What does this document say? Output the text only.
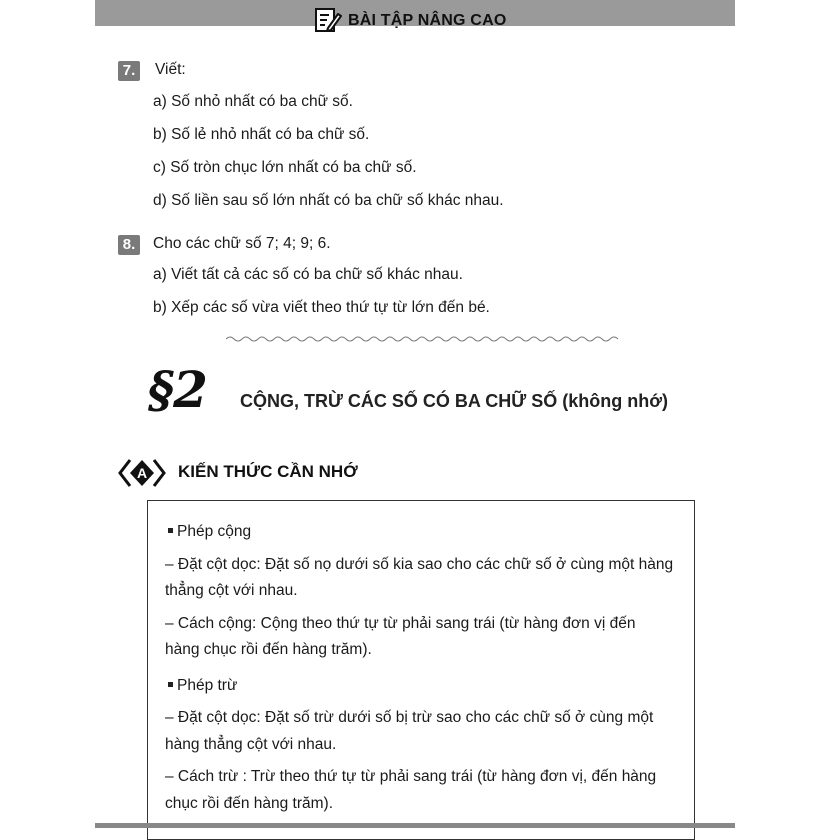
BÀI TẬP NÂNG CAO
7.	Viết:
a) Số nhỏ nhất có ba chữ số.
b) Số lẻ nhỏ nhất có ba chữ số.
c) Số tròn chục lớn nhất có ba chữ số.
d) Số liền sau số lớn nhất có ba chữ số khác nhau.
8.	Cho các chữ số 7; 4; 9; 6.
a) Viết tất cả các số có ba chữ số khác nhau.
b) Xếp các số vừa viết theo thứ tự từ lớn đến bé.
§2 CỘNG, TRỪ CÁC SỐ CÓ BA CHỮ SỐ (không nhớ)
A KIẾN THỨC CẦN NHỚ
Phép cộng
– Đặt cột dọc: Đặt số nọ dưới số kia sao cho các chữ số ở cùng một hàng
thẳng cột với nhau.
– Cách cộng: Cộng theo thứ tự từ phải sang trái (từ hàng đơn vị đến
hàng chục rồi đến hàng trăm).
Phép trừ
– Đặt cột dọc: Đặt số trừ dưới số bị trừ sao cho các chữ số ở cùng một
hàng thẳng cột với nhau.
– Cách trừ : Trừ theo thứ tự từ phải sang trái (từ hàng đơn vị, đến hàng
chục rồi đến hàng trăm).
